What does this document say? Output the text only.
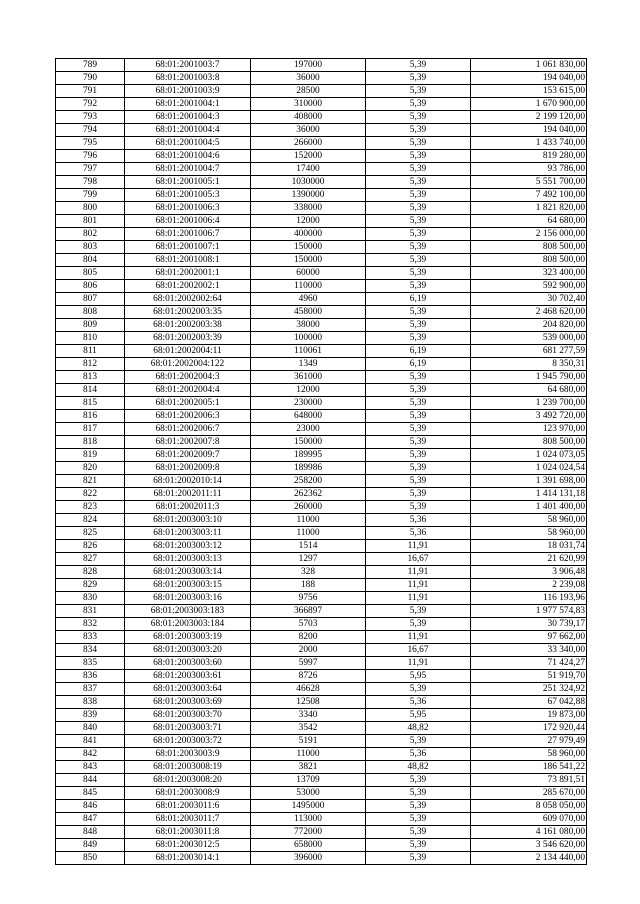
789	68:01:2001003:7	197000	5,39	1 061 830,00
790	68:01:2001003:8	36000	5,39	194 040,00
791	68:01:2001003:9	28500	5,39	153 615,00
792	68:01:2001004:1	310000	5,39	1 670 900,00
793	68:01:2001004:3	408000	5,39	2 199 120,00
794	68:01:2001004:4	36000	5,39	194 040,00
795	68:01:2001004:5	266000	5,39	1 433 740,00
796	68:01:2001004:6	152000	5,39	819 280,00
797	68:01:2001004:7	17400	5,39	93 786,00
798	68:01:2001005:1	1030000	5,39	5 551 700,00
799	68:01:2001005:3	1390000	5,39	7 492 100,00
800	68:01:2001006:3	338000	5,39	1 821 820,00
801	68:01:2001006:4	12000	5,39	64 680,00
802	68:01:2001006:7	400000	5,39	2 156 000,00
803	68:01:2001007:1	150000	5,39	808 500,00
804	68:01:2001008:1	150000	5,39	808 500,00
805	68:01:2002001:1	60000	5,39	323 400,00
806	68:01:2002002:1	110000	5,39	592 900,00
807	68:01:2002002:64	4960	6,19	30 702,40
808	68:01:2002003:35	458000	5,39	2 468 620,00
809	68:01:2002003:38	38000	5,39	204 820,00
810	68:01:2002003:39	100000	5,39	539 000,00
811	68:01:2002004:11	110061	6,19	681 277,59
812	68:01:2002004:122	1349	6,19	8 350,31
813	68:01:2002004:3	361000	5,39	1 945 790,00
814	68:01:2002004:4	12000	5,39	64 680,00
815	68:01:2002005:1	230000	5,39	1 239 700,00
816	68:01:2002006:3	648000	5,39	3 492 720,00
817	68:01:2002006:7	23000	5,39	123 970,00
818	68:01:2002007:8	150000	5,39	808 500,00
819	68:01:2002009:7	189995	5,39	1 024 073,05
820	68:01:2002009:8	189986	5,39	1 024 024,54
821	68:01:2002010:14	258200	5,39	1 391 698,00
822	68:01:2002011:11	262362	5,39	1 414 131,18
823	68:01:2002011:3	260000	5,39	1 401 400,00
824	68:01:2003003:10	11000	5,36	58 960,00
825	68:01:2003003:11	11000	5,36	58 960,00
826	68:01:2003003:12	1514	11,91	18 031,74
827	68:01:2003003:13	1297	16,67	21 620,99
828	68:01:2003003:14	328	11,91	3 906,48
829	68:01:2003003:15	188	11,91	2 239,08
830	68:01:2003003:16	9756	11,91	116 193,96
831	68:01:2003003:183	366897	5,39	1 977 574,83
832	68:01:2003003:184	5703	5,39	30 739,17
833	68:01:2003003:19	8200	11,91	97 662,00
834	68:01:2003003:20	2000	16,67	33 340,00
835	68:01:2003003:60	5997	11,91	71 424,27
836	68:01:2003003:61	8726	5,95	51 919,70
837	68:01:2003003:64	46628	5,39	251 324,92
838	68:01:2003003:69	12508	5,36	67 042,88
839	68:01:2003003:70	3340	5,95	19 873,00
840	68:01:2003003:71	3542	48,82	172 920,44
841	68:01:2003003:72	5191	5,39	27 979,49
842	68:01:2003003:9	11000	5,36	58 960,00
843	68:01:2003008:19	3821	48,82	186 541,22
844	68:01:2003008:20	13709	5,39	73 891,51
845	68:01:2003008:9	53000	5,39	285 670,00
846	68:01:2003011:6	1495000	5,39	8 058 050,00
847	68:01:2003011:7	113000	5,39	609 070,00
848	68:01:2003011:8	772000	5,39	4 161 080,00
849	68:01:2003012:5	658000	5,39	3 546 620,00
850	68:01:2003014:1	396000	5,39	2 134 440,00
